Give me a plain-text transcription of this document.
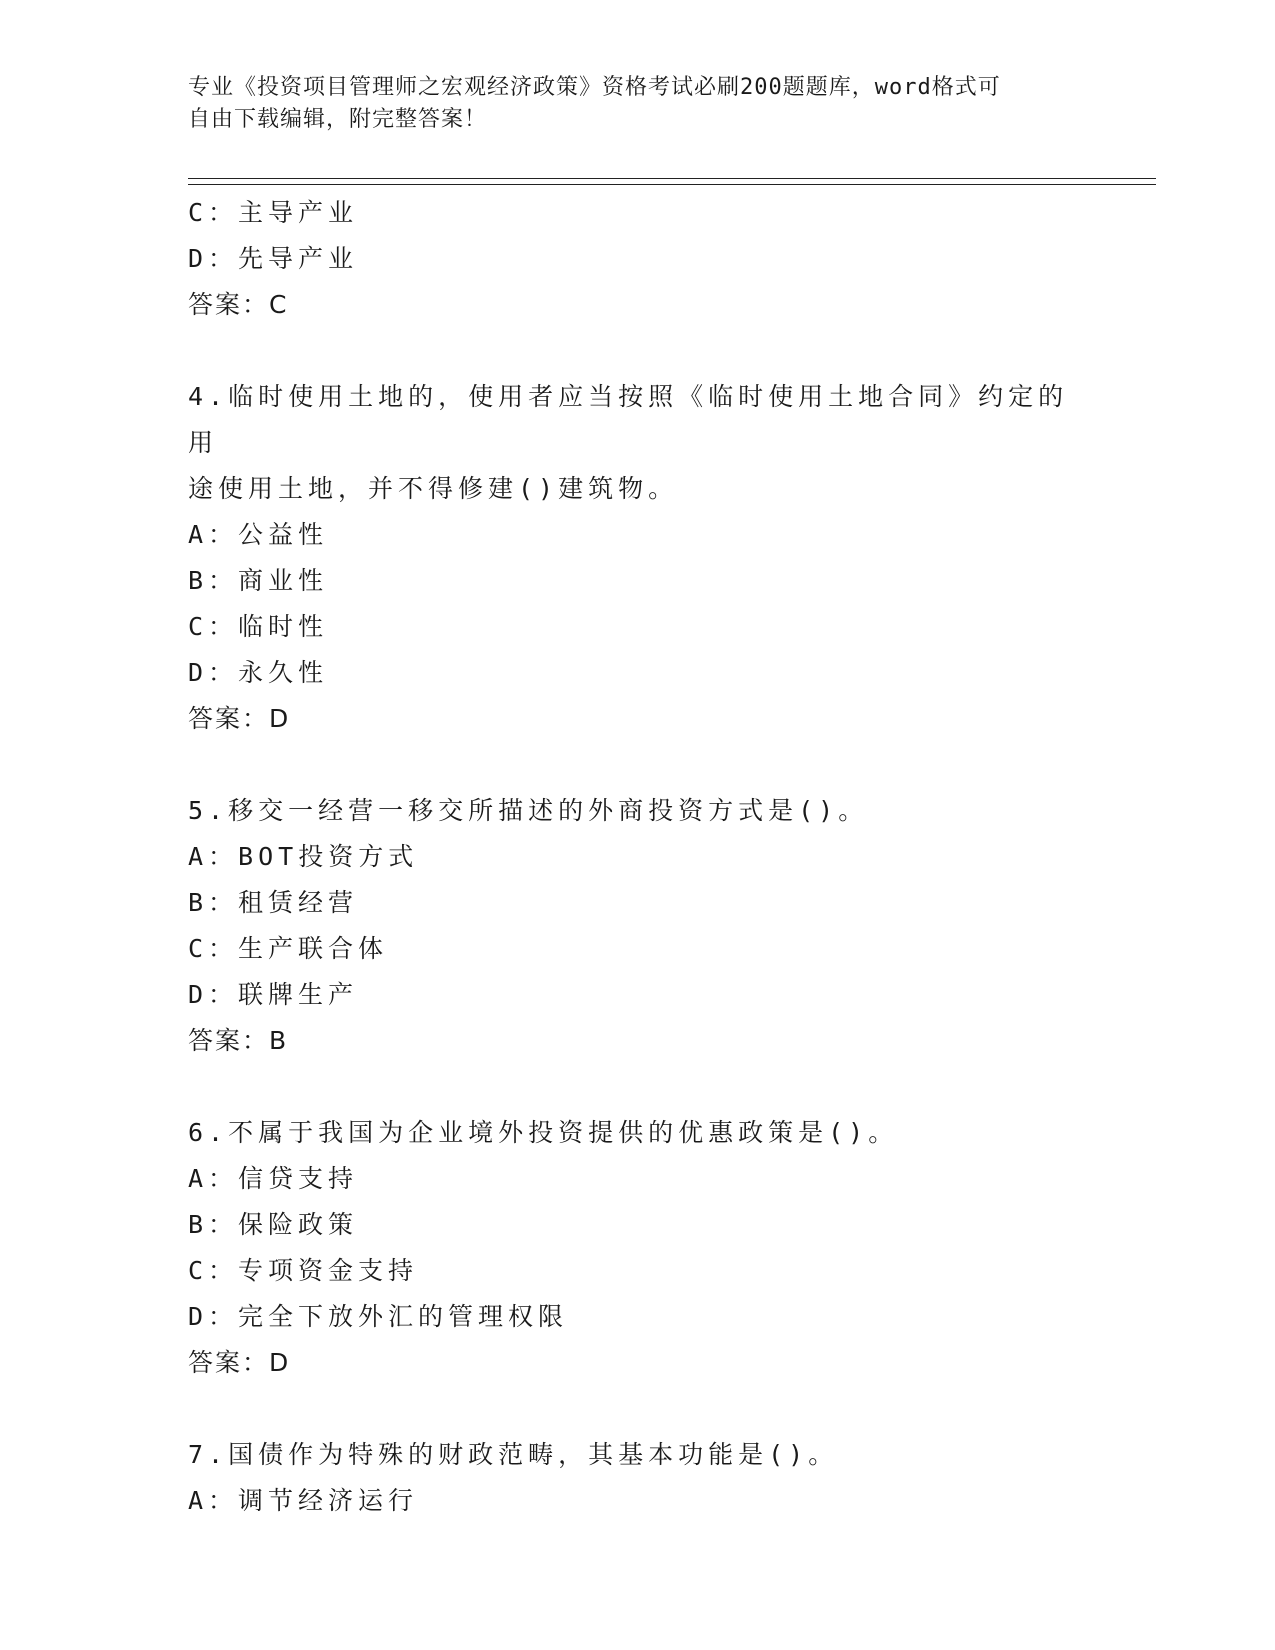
专业《投资项目管理师之宏观经济政策》资格考试必刷200题题库，word格式可
自由下载编辑，附完整答案！
C：主导产业
D：先导产业
答案：C
4.临时使用土地的，使用者应当按照《临时使用土地合同》约定的用
途使用土地，并不得修建()建筑物。
A：公益性
B：商业性
C：临时性
D：永久性
答案：D
5.移交一经营一移交所描述的外商投资方式是()。
A：BOT投资方式
B：租赁经营
C：生产联合体
D：联牌生产
答案：B
6.不属于我国为企业境外投资提供的优惠政策是()。
A：信贷支持
B：保险政策
C：专项资金支持
D：完全下放外汇的管理权限
答案：D
7.国债作为特殊的财政范畴，其基本功能是()。
A：调节经济运行
